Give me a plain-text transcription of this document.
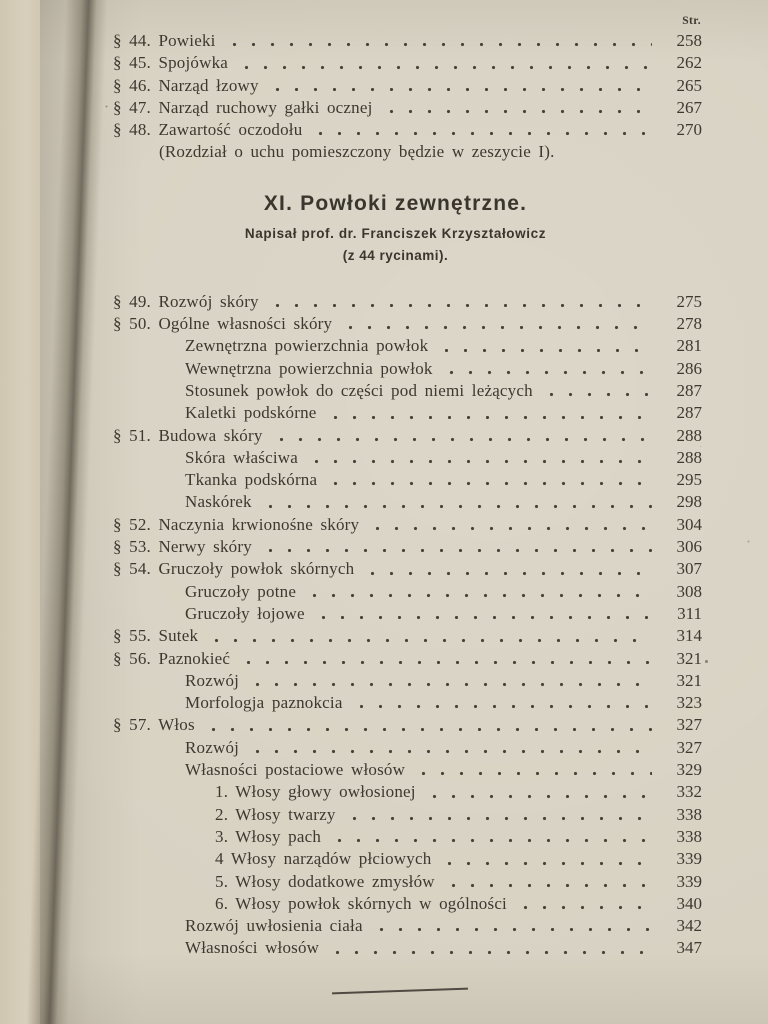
Str.
§ 44. Powieki	258
§ 45. Spojówka	262
§ 46. Narząd łzowy	265
§ 47. Narząd ruchowy gałki ocznej	267
§ 48. Zawartość oczodołu	270
(Rozdział o uchu pomieszczony będzie w zeszycie I).
XI. Powłoki zewnętrzne.
Napisał prof. dr. Franciszek Krzyształowicz
(z 44 rycinami).
§ 49. Rozwój skóry	275
§ 50. Ogólne własności skóry	278
Zewnętrzna powierzchnia powłok	281
Wewnętrzna powierzchnia powłok	286
Stosunek powłok do części pod niemi leżących	287
Kaletki podskórne	287
§ 51. Budowa skóry	288
Skóra właściwa	288
Tkanka podskórna	295
Naskórek	298
§ 52. Naczynia krwionośne skóry	304
§ 53. Nerwy skóry	306
§ 54. Gruczoły powłok skórnych	307
Gruczoły potne	308
Gruczoły łojowe	311
§ 55. Sutek	314
§ 56. Paznokieć	321
Rozwój	321
Morfologja paznokcia	323
§ 57. Włos	327
Rozwój	327
Własności postaciowe włosów	329
1. Włosy głowy owłosionej	332
2. Włosy twarzy	338
3. Włosy pach	338
4 Włosy narządów płciowych	339
5. Włosy dodatkowe zmysłów	339
6. Włosy powłok skórnych w ogólności	340
Rozwój uwłosienia ciała	342
Własności włosów	347
